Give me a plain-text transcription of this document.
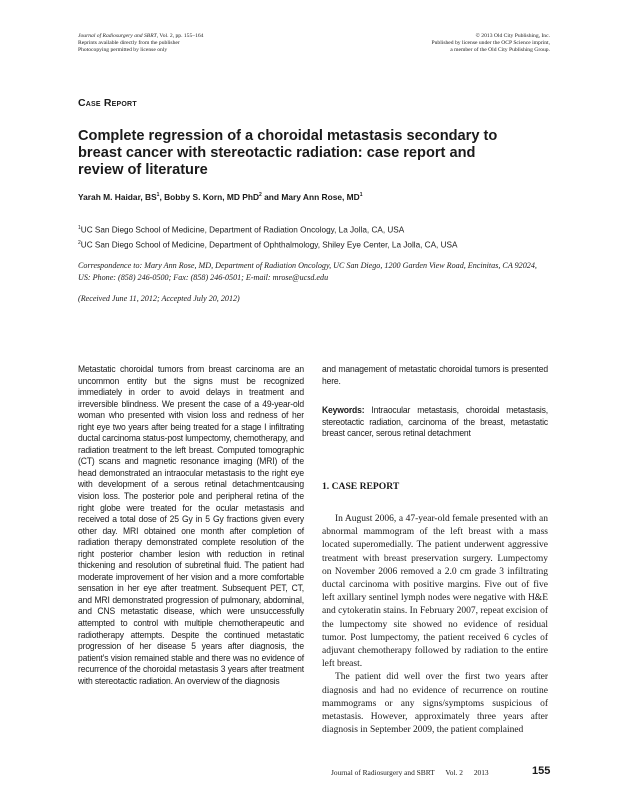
Journal of Radiosurgery and SBRT, Vol. 2, pp. 155–164
Reprints available directly from the publisher
Photocopying permitted by license only
© 2013 Old City Publishing, Inc.
Published by license under the OCP Science imprint,
a member of the Old City Publishing Group.
Case Report
Complete regression of a choroidal metastasis secondary to breast cancer with stereotactic radiation: case report and review of literature
Yarah M. Haidar, $BS^1$, Bobby S. Korn, MD PhD$^2$ and Mary Ann Rose, $MD^1$
$^1$UC San Diego School of Medicine, Department of Radiation Oncology, La Jolla, CA, USA
$^2$UC San Diego School of Medicine, Department of Ophthalmology, Shiley Eye Center, La Jolla, CA, USA
Correspondence to: Mary Ann Rose, MD, Department of Radiation Oncology, UC San Diego, 1200 Garden View Road, Encinitas, CA 92024, US: Phone: (858) 246-0500; Fax: (858) 246-0501; E-mail: mrose@ucsd.edu
(Received June 11, 2012; Accepted July 20, 2012)
Metastatic choroidal tumors from breast carcinoma are an uncommon entity but the signs must be recognized immediately in order to avoid delays in treatment and irreversible blindness. We present the case of a 49-year-old woman who presented with vision loss and redness of her right eye two years after being treated for a stage I infiltrating ductal carcinoma status-post lumpectomy, chemotherapy, and radiation treatment to the left breast. Computed tomographic (CT) scans and magnetic resonance imaging (MRI) of the head demonstrated an intraocular metastasis to the right eye with development of a serous retinal detachmentcausing vision loss. The posterior pole and peripheral retina of the right globe were treated for the ocular metastasis and received a total dose of 25 Gy in 5 Gy fractions given every other day. MRI obtained one month after completion of radiation therapy demonstrated complete resolution of the right posterior chamber lesion with reduction in retinal thickening and resolution of subretinal fluid. The patient had moderate improvement of her vision and a more comfortable sensation in her eye after treatment. Subsequent PET, CT, and MRI demonstrated progression of pulmonary, abdominal, and CNS metastatic disease, which were unsuccessfully attempted to control with multiple chemotherapeutic and radiotherapy attempts. Despite the continued metastatic progression of her disease 5 years after diagnosis, the patient’s vision remained stable and there was no evidence of recurrence of the choroidal metastasis 3 years after treatment with stereotactic radiation. An overview of the diagnosis
and management of metastatic choroidal tumors is presented here.
Keywords: Intraocular metastasis, choroidal metastasis, stereotactic radiation, carcinoma of the breast, metastatic breast cancer, serous retinal detachment
1. CASE REPORT

In August 2006, a 47-year-old female presented with an abnormal mammogram of the left breast with a mass located superomedially. The patient underwent aggressive treatment with breast preservation surgery. Lumpectomy on November 2006 removed a 2.0 cm grade 3 infiltrating ductal carcinoma with positive margins. Five out of five left axillary sentinel lymph nodes were negative with H&E and cytokeratin stains. In February 2007, repeat excision of the lumpectomy site showed no evidence of residual tumor. Post lumpectomy, the patient received 6 cycles of adjuvant chemotherapy followed by radiation to the entire left breast.

The patient did well over the first two years after diagnosis and had no evidence of recurrence on routine mammograms or any signs/symptoms suspicious of metastasis. However, approximately three years after diagnosis in September 2009, the patient complained

Journal of Radiosurgery and SBRT Vol. 2 2013	155
